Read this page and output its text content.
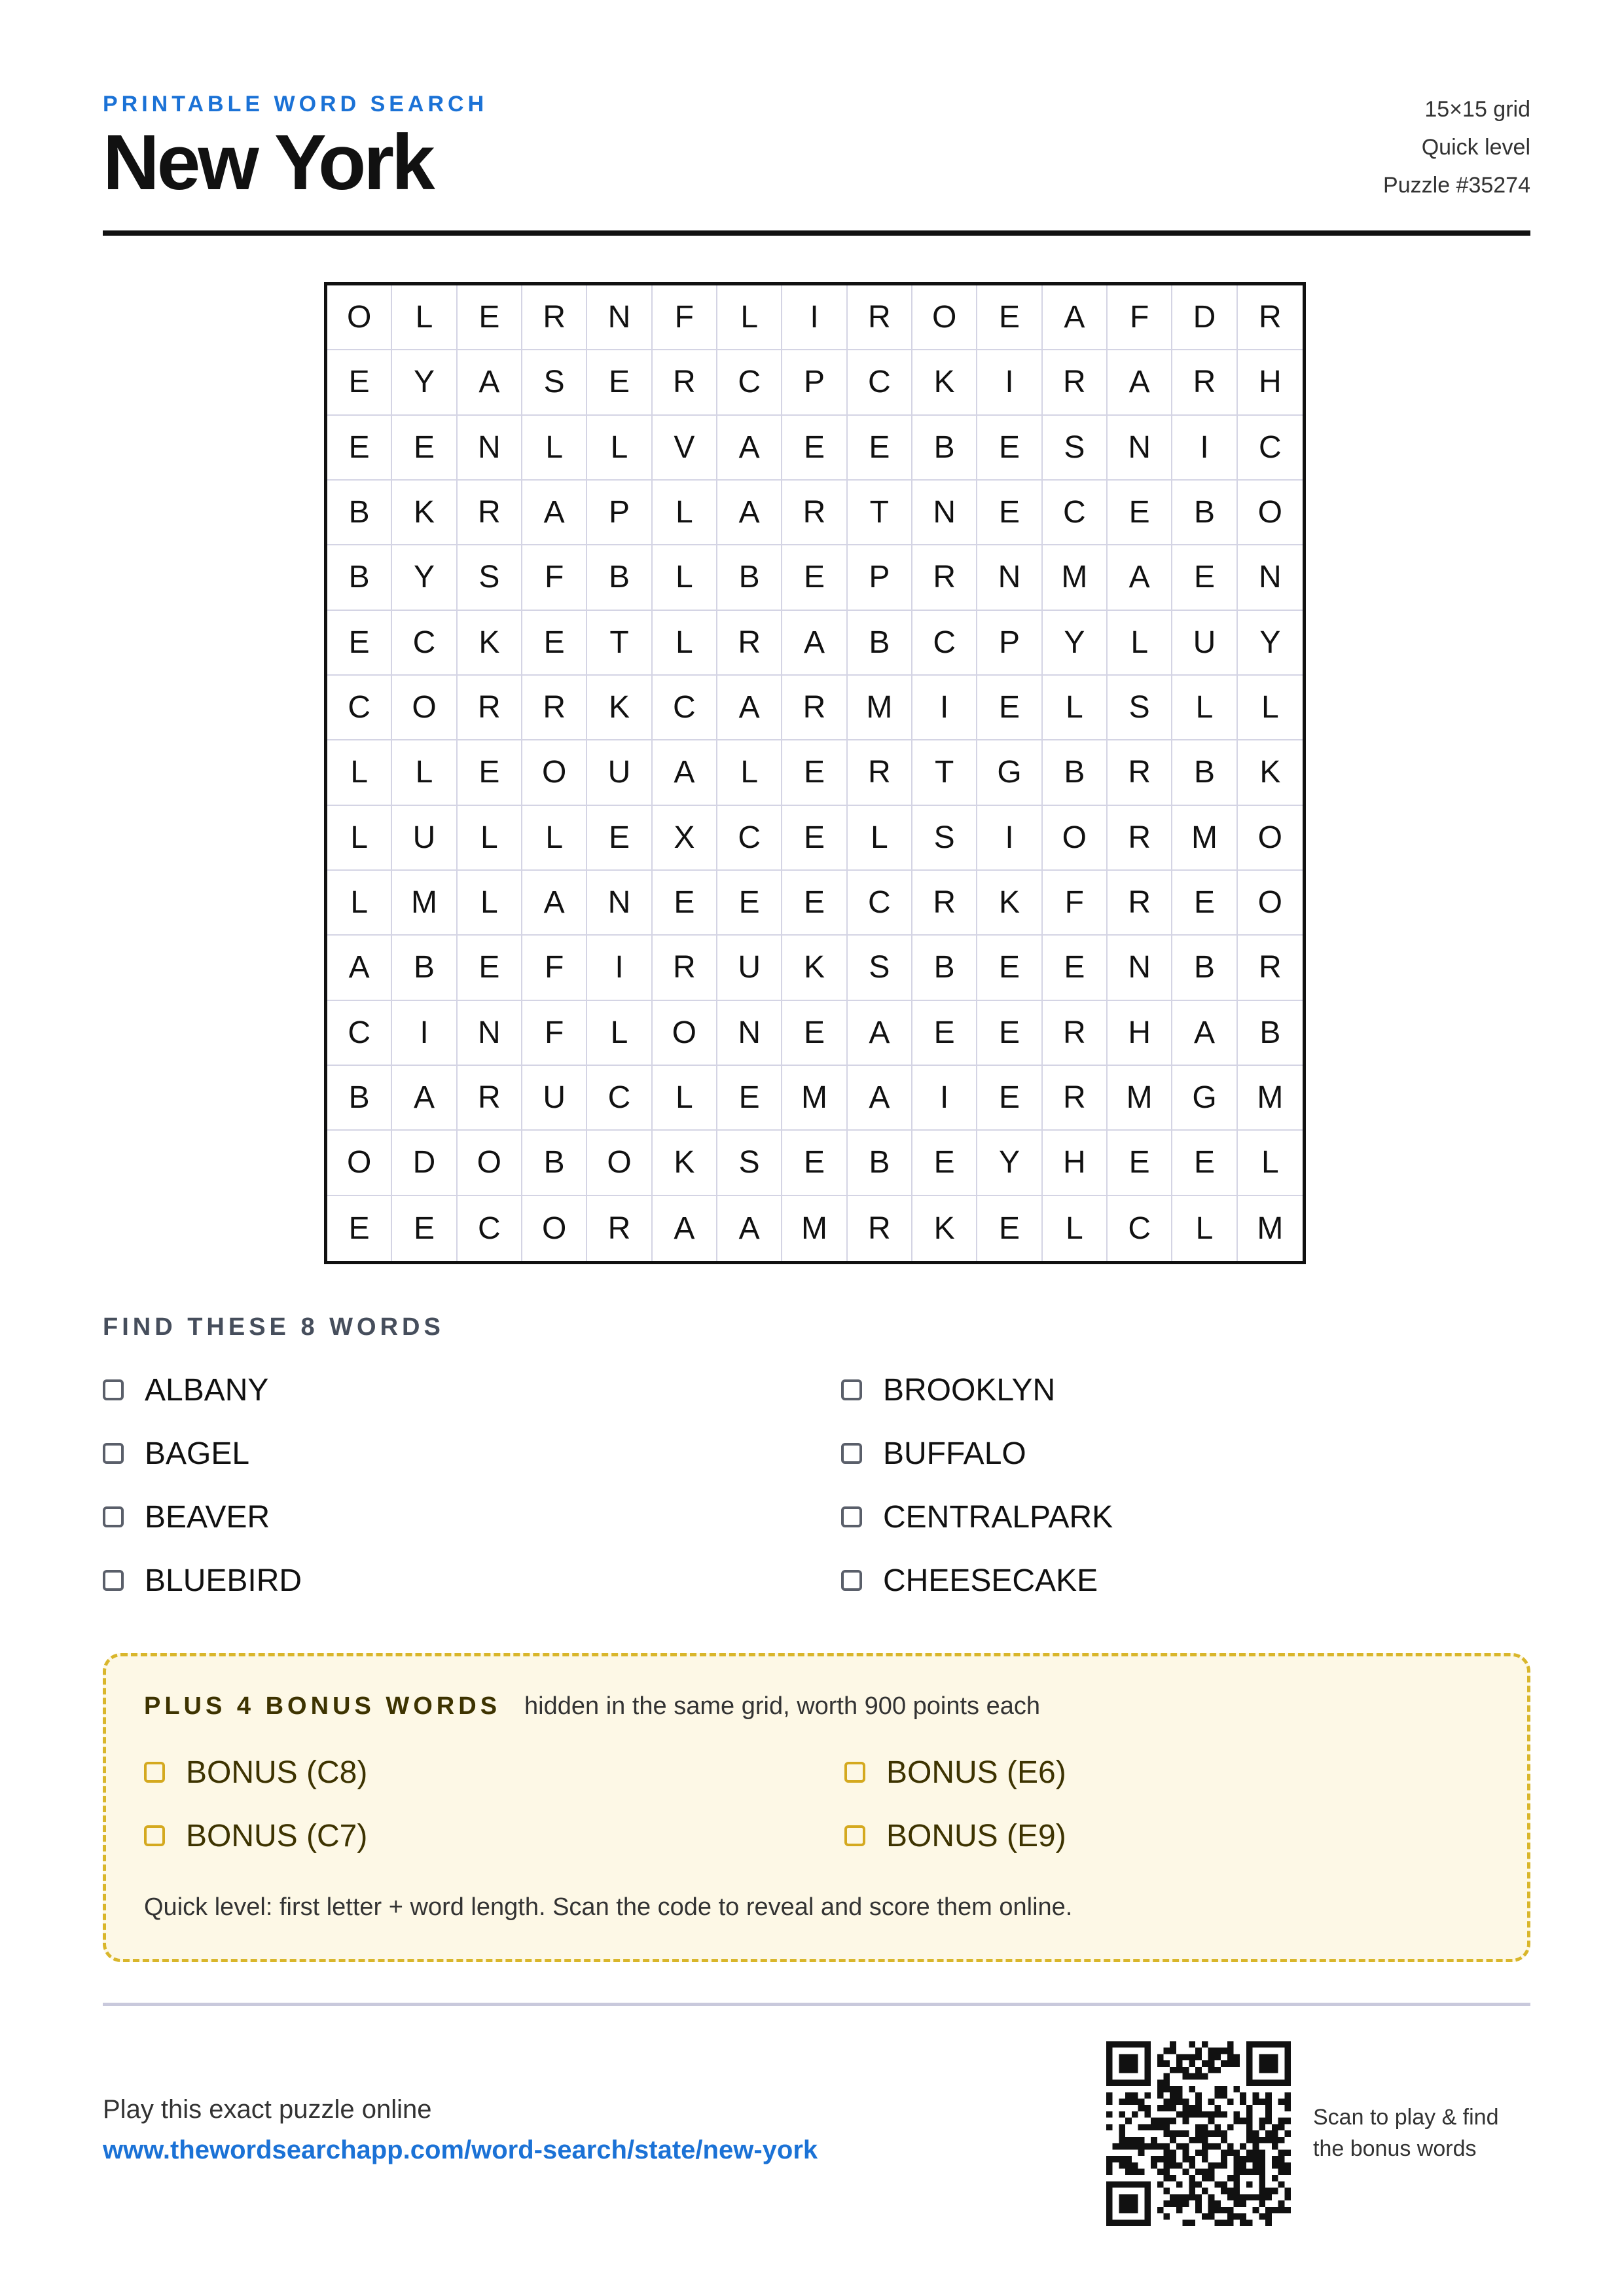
PRINTABLE WORD SEARCH
New York
15×15 grid
Quick level
Puzzle #35274
O	L	E	R	N	F	L	I	R	O	E	A	F	D	R
E	Y	A	S	E	R	C	P	C	K	I	R	A	R	H
E	E	N	L	L	V	A	E	E	B	E	S	N	I	C
B	K	R	A	P	L	A	R	T	N	E	C	E	B	O
B	Y	S	F	B	L	B	E	P	R	N	M	A	E	N
E	C	K	E	T	L	R	A	B	C	P	Y	L	U	Y
C	O	R	R	K	C	A	R	M	I	E	L	S	L	L
L	L	E	O	U	A	L	E	R	T	G	B	R	B	K
L	U	L	L	E	X	C	E	L	S	I	O	R	M	O
L	M	L	A	N	E	E	E	C	R	K	F	R	E	O
A	B	E	F	I	R	U	K	S	B	E	E	N	B	R
C	I	N	F	L	O	N	E	A	E	E	R	H	A	B
B	A	R	U	C	L	E	M	A	I	E	R	M	G	M
O	D	O	B	O	K	S	E	B	E	Y	H	E	E	L
E	E	C	O	R	A	A	M	R	K	E	L	C	L	M
FIND THESE 8 WORDS
ALBANY	BROOKLYN
BAGEL	BUFFALO
BEAVER	CENTRALPARK
BLUEBIRD	CHEESECAKE
PLUS 4 BONUS WORDS hidden in the same grid, worth 900 points each
BONUS (C8)	BONUS (E6)
BONUS (C7)	BONUS (E9)
Quick level: first letter + word length. Scan the code to reveal and score them online.
Play this exact puzzle online
www.thewordsearchapp.com/word-search/state/new-york
Scan to play & find
the bonus words
